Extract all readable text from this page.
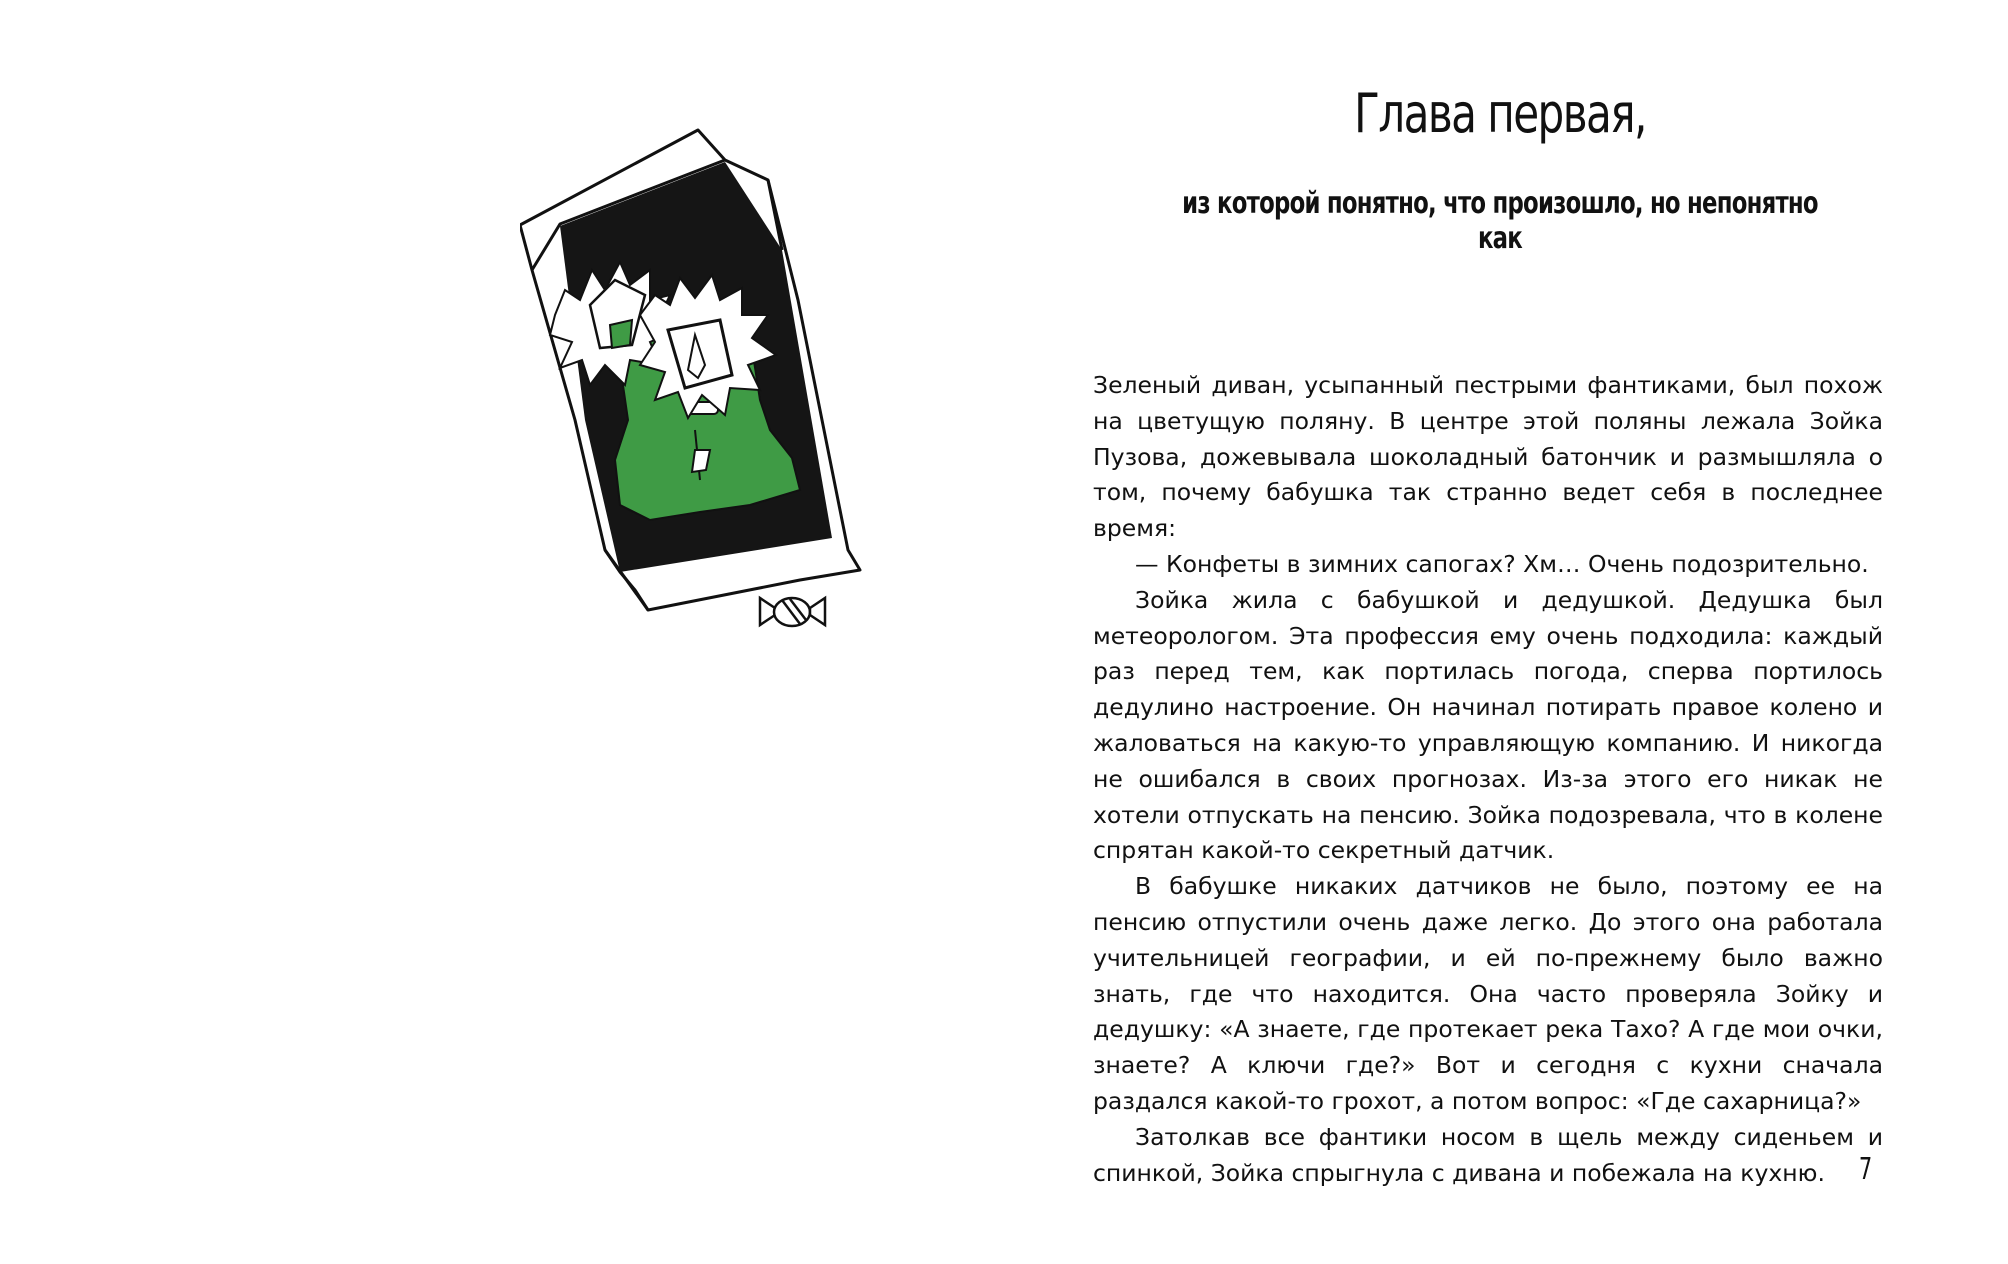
Глава первая,
из которой понятно, что произошло, но непонятно как

Зеленый диван, усыпанный пестрыми фантиками, был похож на цветущую поляну. В центре этой поляны лежала Зойка Пузова, дожевывала шоколадный батончик и размышляла о том, почему бабушка так странно ведет себя в последнее время:

— Конфеты в зимних сапогах? Хм… Очень подозрительно.

Зойка жила с бабушкой и дедушкой. Дедушка был метеорологом. Эта профессия ему очень подходила: каждый раз перед тем, как портилась погода, сперва портилось дедулино настроение. Он начинал потирать правое колено и жаловаться на какую-то управляющую компанию. И никогда не ошибался в своих прогнозах. Из-за этого его никак не хотели отпускать на пенсию. Зойка подозревала, что в колене спрятан какой-то секретный датчик.

В бабушке никаких датчиков не было, поэтому ее на пенсию отпустили очень даже легко. До этого она работала учительницей географии, и ей по-прежнему было важно знать, где что находится. Она часто проверяла Зойку и дедушку: «А знаете, где протекает река Тахо? А где мои очки, знаете? А ключи где?» Вот и сегодня с кухни сначала раздался какой-то грохот, а потом вопрос: «Где сахарница?»

Затолкав все фантики носом в щель между сиденьем и спинкой, Зойка спрыгнула с дивана и побежала на кухню.	7
